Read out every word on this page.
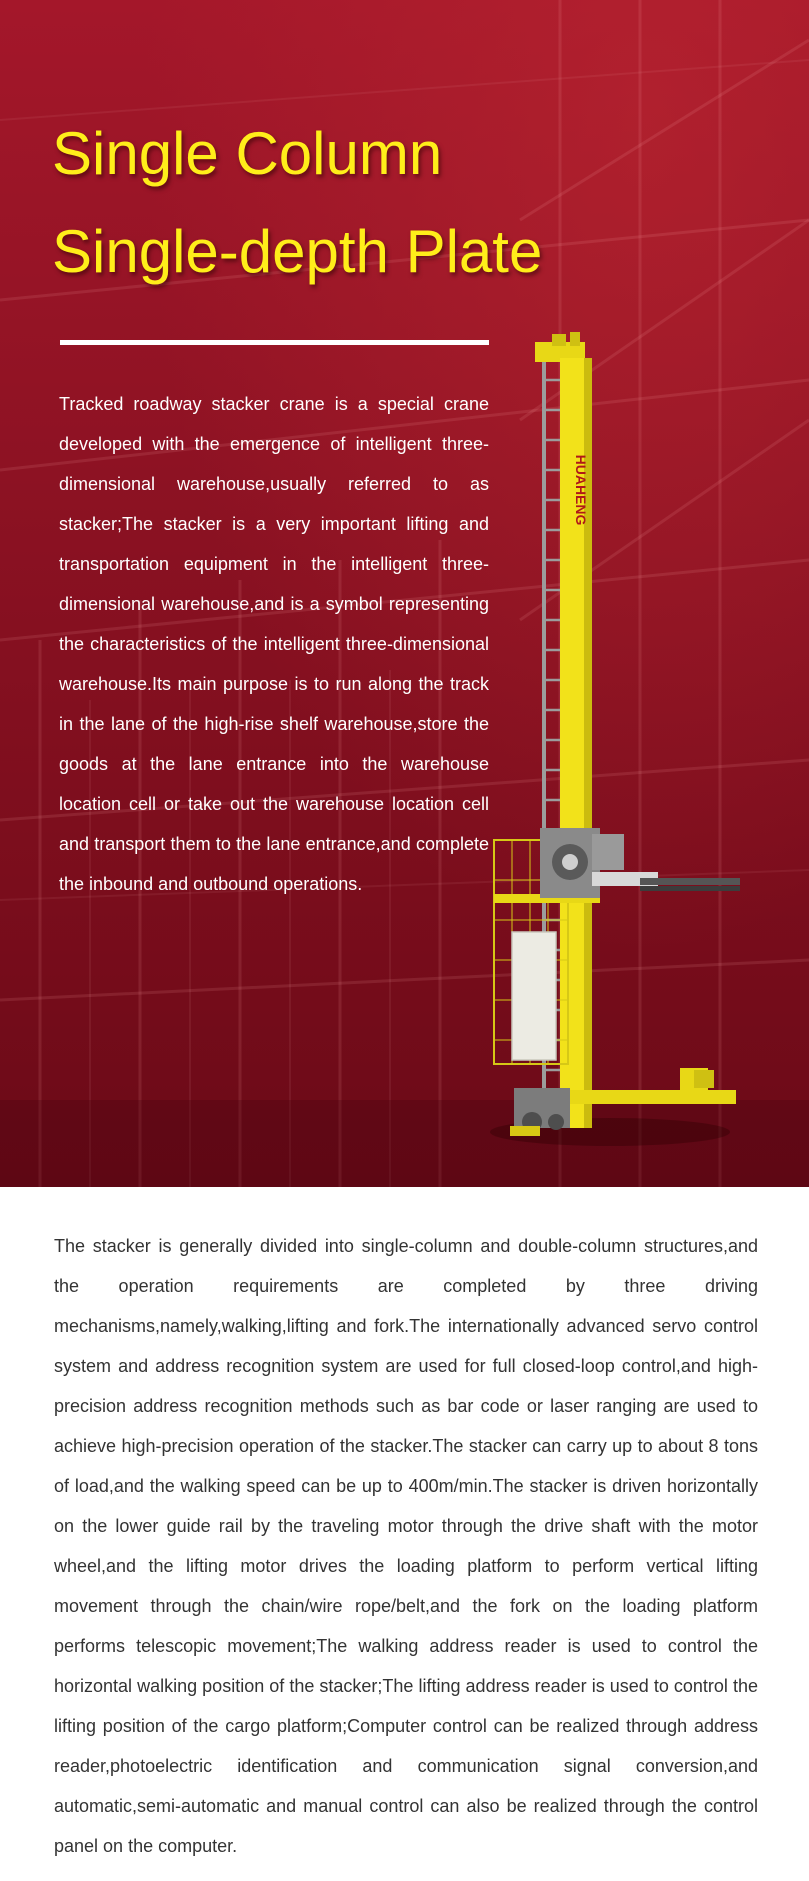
Single Column
Single-depth Plate

Tracked roadway stacker crane is a special crane developed with the emergence of intelligent three-dimensional warehouse,usually referred to as stacker;The stacker is a very important lifting and transportation equipment in the intelligent three-dimensional warehouse,and is a symbol representing the characteristics of the intelligent three-dimensional warehouse.Its main purpose is to run along the track in the lane of the high-rise shelf warehouse,store the goods at the lane entrance into the warehouse location cell or take out the warehouse location cell and transport them to the lane entrance,and complete the inbound and outbound operations.

HUAHENG

The stacker is generally divided into single-column and double-column structures,and the operation requirements are completed by three driving mechanisms,namely,walking,lifting and fork.The internationally advanced servo control system and address recognition system are used for full closed-loop control,and high-precision address recognition methods such as bar code or laser ranging are used to achieve high-precision operation of the stacker.The stacker can carry up to about 8 tons of load,and the walking speed can be up to 400m/min.The stacker is driven horizontally on the lower guide rail by the traveling motor through the drive shaft with the motor wheel,and the lifting motor drives the loading platform to perform vertical lifting movement through the chain/wire rope/belt,and the fork on the loading platform performs telescopic movement;The walking address reader is used to control the horizontal walking position of the stacker;The lifting address reader is used to control the lifting position of the cargo platform;Computer control can be realized through address reader,photoelectric identification and communication signal conversion,and automatic,semi-automatic and manual control can also be realized through the control panel on the computer.
